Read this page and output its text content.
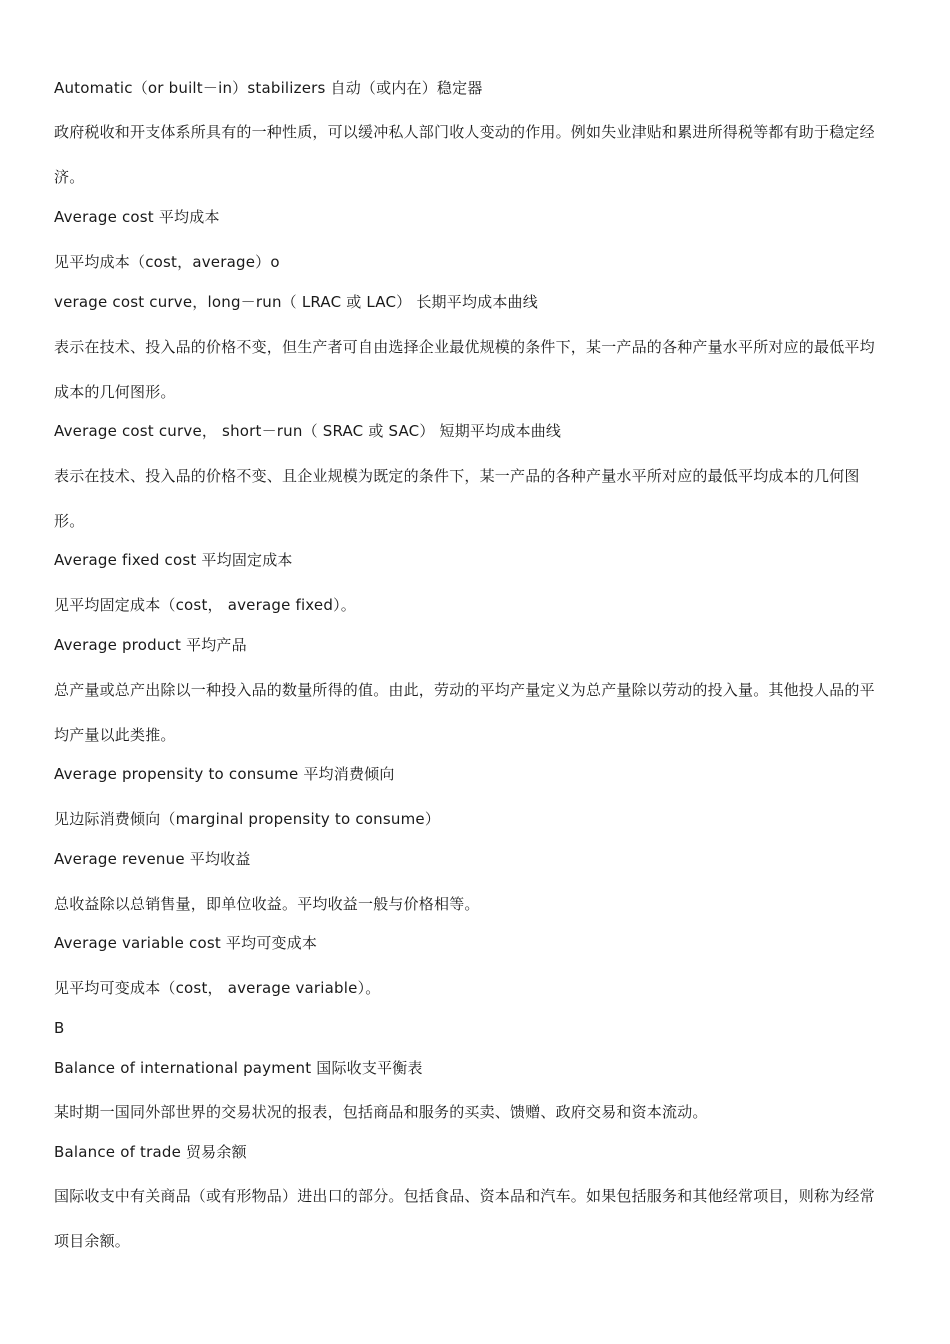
Automatic（or built－in）stabilizers 自动（或内在）稳定器
政府税收和开支体系所具有的一种性质，可以缓冲私人部门收人变动的作用。例如失业津贴和累进所得税等都有助于稳定经济。
Average cost 平均成本
见平均成本（cost，average）o
verage cost curve，long－run（ LRAC 或 LAC） 长期平均成本曲线
表示在技术、投入品的价格不变，但生产者可自由选择企业最优规模的条件下，某一产品的各种产量水平所对应的最低平均成本的几何图形。
Average cost curve， short－run（ SRAC 或 SAC） 短期平均成本曲线
表示在技术、投入品的价格不变、且企业规模为既定的条件下，某一产品的各种产量水平所对应的最低平均成本的几何图形。
Average fixed cost 平均固定成本
见平均固定成本（cost， average fixed）。
Average product 平均产品
总产量或总产出除以一种投入品的数量所得的值。由此，劳动的平均产量定义为总产量除以劳动的投入量。其他投人品的平均产量以此类推。
Average propensity to consume 平均消费倾向
见边际消费倾向（marginal propensity to consume）
Average revenue 平均收益
总收益除以总销售量，即单位收益。平均收益一般与价格相等。
Average variable cost 平均可变成本
见平均可变成本（cost， average variable）。
B
Balance of international payment 国际收支平衡表
某时期一国同外部世界的交易状况的报表，包括商品和服务的买卖、馈赠、政府交易和资本流动。
Balance of trade 贸易余额
国际收支中有关商品（或有形物品）进出口的部分。包括食品、资本品和汽车。如果包括服务和其他经常项目，则称为经常项目余额。
